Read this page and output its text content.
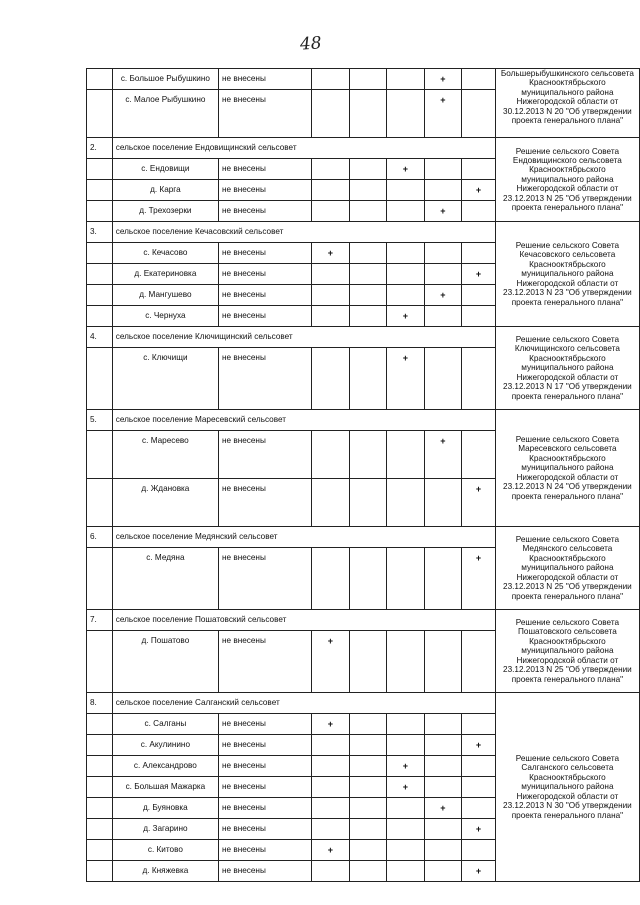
48
	с. Большое Рыбушкино	не внесены				+		Большерыбушкинского сельсовета Краснооктябрьского муниципального района Нижегородской области от 30.12.2013 N 20 "Об утверждении проекта генерального плана"
	с. Малое Рыбушкино	не внесены				+		
2.	сельское поселение Ендовищинский сельсовет							Решение сельского Совета Ендовищинского сельсовета Краснооктябрьского муниципального района Нижегородской области от 23.12.2013 N 25 "Об утверждении проекта генерального плана"
	с. Ендовищи	не внесены			+			
	д. Карга	не внесены					+	
	д. Трехозерки	не внесены				+		
3.	сельское поселение Кечасовский сельсовет							Решение сельского Совета Кечасовского сельсовета Краснооктябрьского муниципального района Нижегородской области от 23.12.2013 N 23 "Об утверждении проекта генерального плана"
	с. Кечасово	не внесены	+					
	д. Екатериновка	не внесены					+	
	д. Мангушево	не внесены				+		
	с. Чернуха	не внесены			+			
4.	сельское поселение Ключищинский сельсовет							Решение сельского Совета Ключищинского сельсовета Краснооктябрьского муниципального района Нижегородской области от 23.12.2013 N 17 "Об утверждении проекта генерального плана"
	с. Ключищи	не внесены			+			
5.	сельское поселение Маресевский сельсовет							Решение сельского Совета Маресевского сельсовета Краснооктябрьского муниципального района Нижегородской области от 23.12.2013 N 24 "Об утверждении проекта генерального плана"
	с. Маресево	не внесены				+		
	д. Ждановка	не внесены					+	
6.	сельское поселение Медянский сельсовет							Решение сельского Совета Медянского сельсовета Краснооктябрьского муниципального района Нижегородской области от 23.12.2013 N 25 "Об утверждении проекта генерального плана"
	с. Медяна	не внесены					+	
7.	сельское поселение Пошатовский сельсовет							Решение сельского Совета Пошатовского сельсовета Краснооктябрьского муниципального района Нижегородской области от 23.12.2013 N 25 "Об утверждении проекта генерального плана"
	д. Пошатово	не внесены	+					
8.	сельское поселение Салганский сельсовет							Решение сельского Совета Салганского сельсовета Краснооктябрьского муниципального района Нижегородской области от 23.12.2013 N 30 "Об утверждении проекта генерального плана"
	с. Салганы	не внесены	+					
	с. Акулинино	не внесены					+	
	с. Александрово	не внесены			+			
	с. Большая Мажарка	не внесены			+			
	д. Буяновка	не внесены				+		
	д. Загарино	не внесены					+	
	с. Китово	не внесены	+					
	д. Княжевка	не внесены					+	
